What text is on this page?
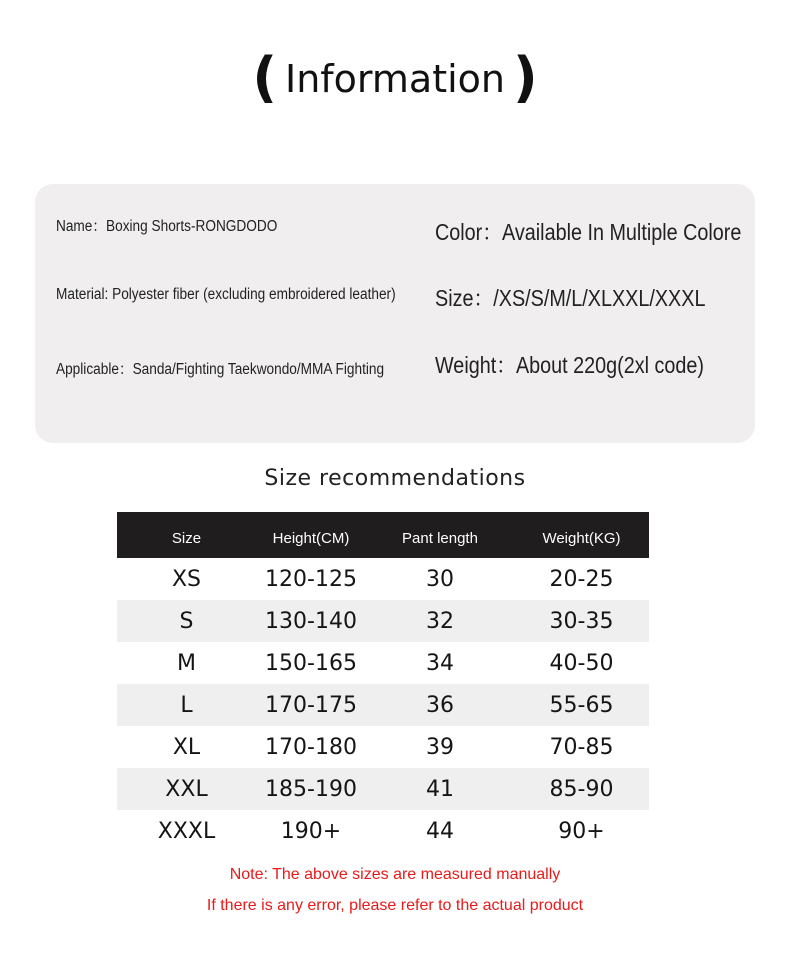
( Information )
Name：Boxing Shorts-RONGDODO
Material: Polyester fiber (excluding embroidered leather)
Applicable：Sanda/Fighting Taekwondo/MMA Fighting
Color：Available In Multiple Colore
Size：/XS/S/M/L/XLXXL/XXXL
Weight：About 220g(2xl code)
Size recommendations
Size	Height(CM)	Pant length	Weight(KG)
XS	120-125	30	20-25
S	130-140	32	30-35
M	150-165	34	40-50
L	170-175	36	55-65
XL	170-180	39	70-85
XXL	185-190	41	85-90
XXXL	190+	44	90+
Note: The above sizes are measured manually
If there is any error, please refer to the actual product
